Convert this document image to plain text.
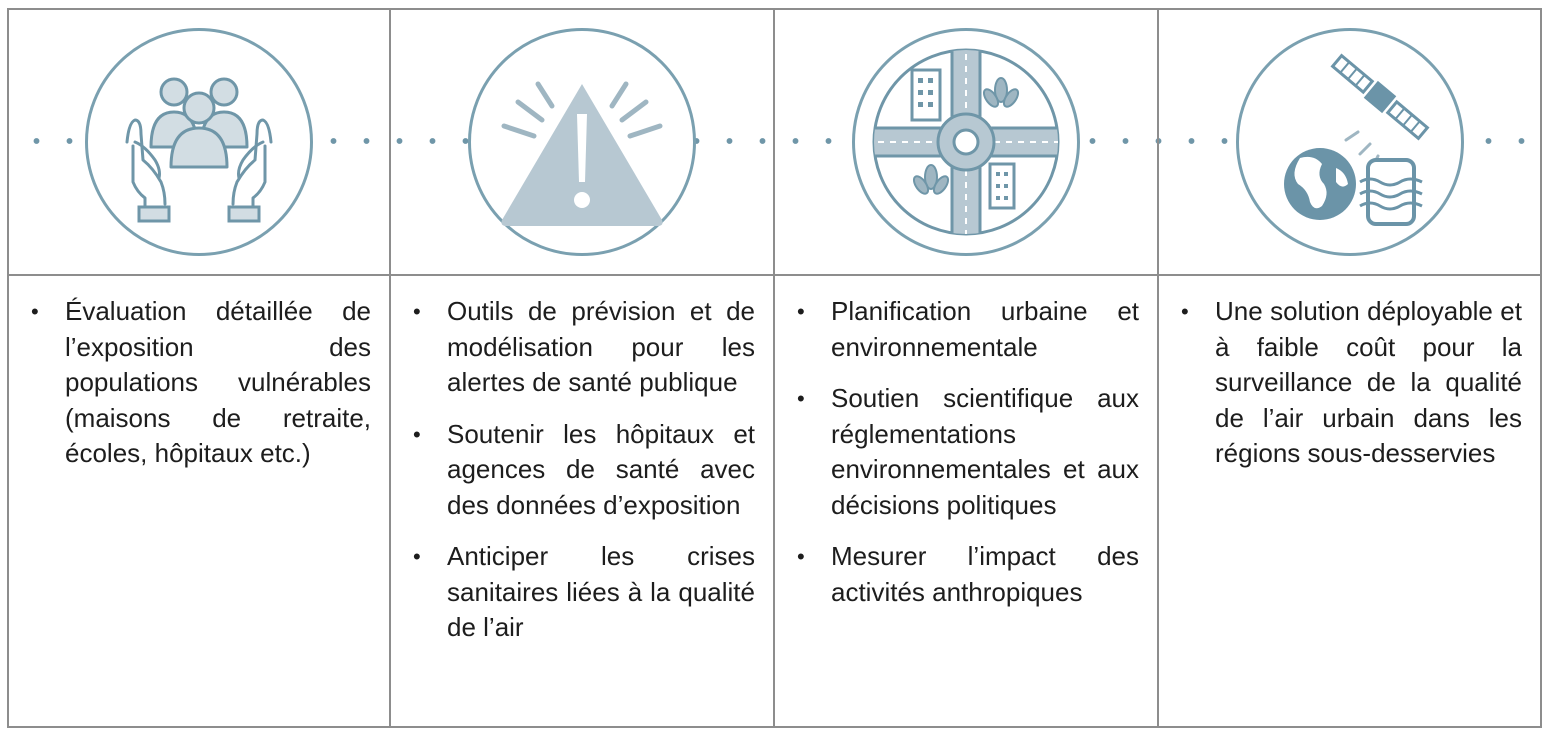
• Évaluation détaillée de l’exposition des populations vulnérables (maisons de retraite, écoles, hôpitaux etc.)
• Outils de prévision et de modélisation pour les alertes de santé publique
• Soutenir les hôpitaux et agences de santé avec des données d’exposition
• Anticiper les crises sanitaires liées à la qualité de l’air
• Planification urbaine et environnementale
• Soutien scientifique aux réglementations environnementales et aux décisions politiques
• Mesurer l’impact des activités anthropiques
• Une solution déployable et à faible coût pour la surveillance de la qualité de l’air urbain dans les régions sous-desservies
